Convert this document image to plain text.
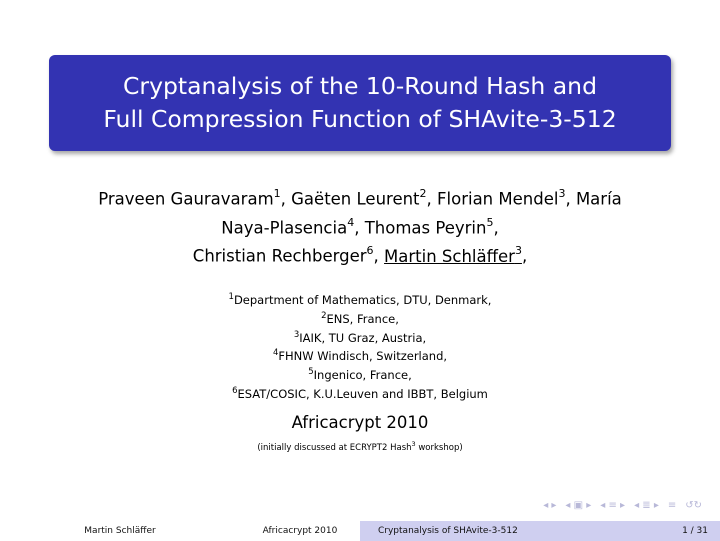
Cryptanalysis of the 10-Round Hash and
Full Compression Function of SHAvite-3-512
Praveen Gauravaram$^1$, Gaëten Leurent$^2$, Florian Mendel$^3$, María
Naya-Plasencia$^4$, Thomas Peyrin$^5$,
Christian Rechberger$^6$, Martin Schläffer$^3$,
$^1$Department of Mathematics, DTU, Denmark,
$^2$ENS, France,
$^3$IAIK, TU Graz, Austria,
$^4$FHNW Windisch, Switzerland,
$^5$Ingenico, France,
$^6$ESAT/COSIC, K.U.Leuven and IBBT, Belgium
Africacrypt 2010
(initially discussed at ECRYPT2 Hash$^3$ workshop)
◂ ▸ ◂ ▣ ▸ ◂ ≡ ▸ ◂ ≣ ▸ ≡ ↺↻
Martin Schläffer	Africacrypt 2010	Cryptanalysis of SHAvite-3-512	1 / 31
